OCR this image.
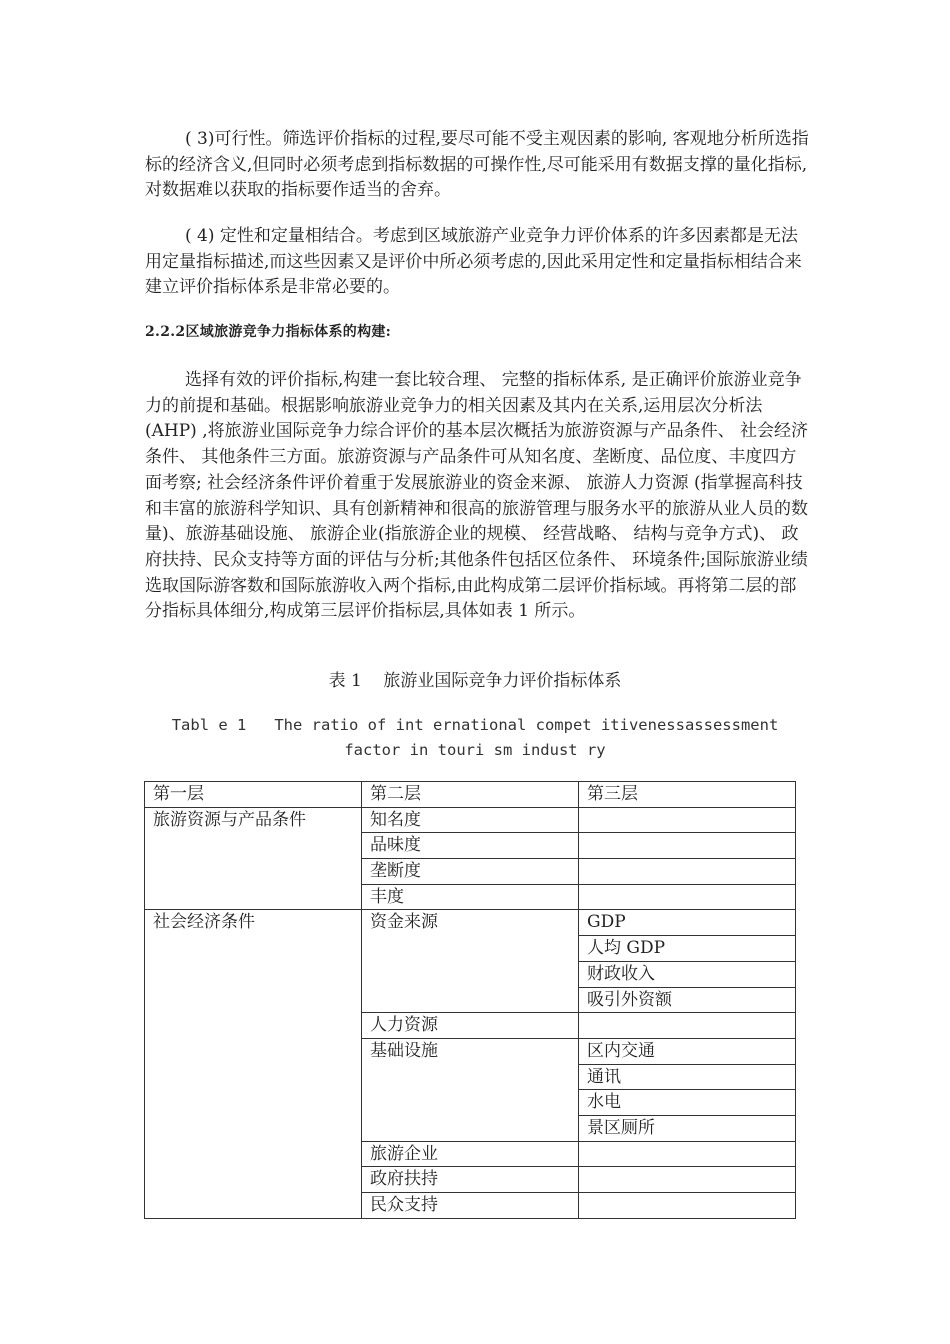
( 3)可行性。筛选评价指标的过程,要尽可能不受主观因素的影响, 客观地分析所选指标的经济含义,但同时必须考虑到指标数据的可操作性,尽可能采用有数据支撑的量化指标,对数据难以获取的指标要作适当的舍弃。

( 4) 定性和定量相结合。考虑到区域旅游产业竞争力评价体系的许多因素都是无法用定量指标描述,而这些因素又是评价中所必须考虑的,因此采用定性和定量指标相结合来建立评价指标体系是非常必要的。

2.2.2区域旅游竞争力指标体系的构建:

选择有效的评价指标,构建一套比较合理、 完整的指标体系, 是正确评价旅游业竞争力的前提和基础。根据影响旅游业竞争力的相关因素及其内在关系,运用层次分析法(AHP) ,将旅游业国际竞争力综合评价的基本层次概括为旅游资源与产品条件、 社会经济条件、 其他条件三方面。旅游资源与产品条件可从知名度、垄断度、品位度、丰度四方面考察; 社会经济条件评价着重于发展旅游业的资金来源、 旅游人力资源 (指掌握高科技和丰富的旅游科学知识、具有创新精神和很高的旅游管理与服务水平的旅游从业人员的数量)、旅游基础设施、 旅游企业(指旅游企业的规模、 经营战略、 结构与竞争方式)、 政府扶持、民众支持等方面的评估与分析;其他条件包括区位条件、 环境条件;国际旅游业绩选取国际游客数和国际旅游收入两个指标,由此构成第二层评价指标域。再将第二层的部分指标具体细分,构成第三层评价指标层,具体如表 1 所示。

表 1    旅游业国际竞争力评价指标体系

Tabl e 1   The ratio of int ernational compet itivenessassessment factor in touri sm indust ry

第一层	第二层	第三层
旅游资源与产品条件	知名度	
	品味度	
	垄断度	
	丰度	
社会经济条件	资金来源	GDP
		人均 GDP
		财政收入
		吸引外资额
	人力资源	
	基础设施	区内交通
		通讯
		水电
		景区厕所
	旅游企业	
	政府扶持	
	民众支持	
